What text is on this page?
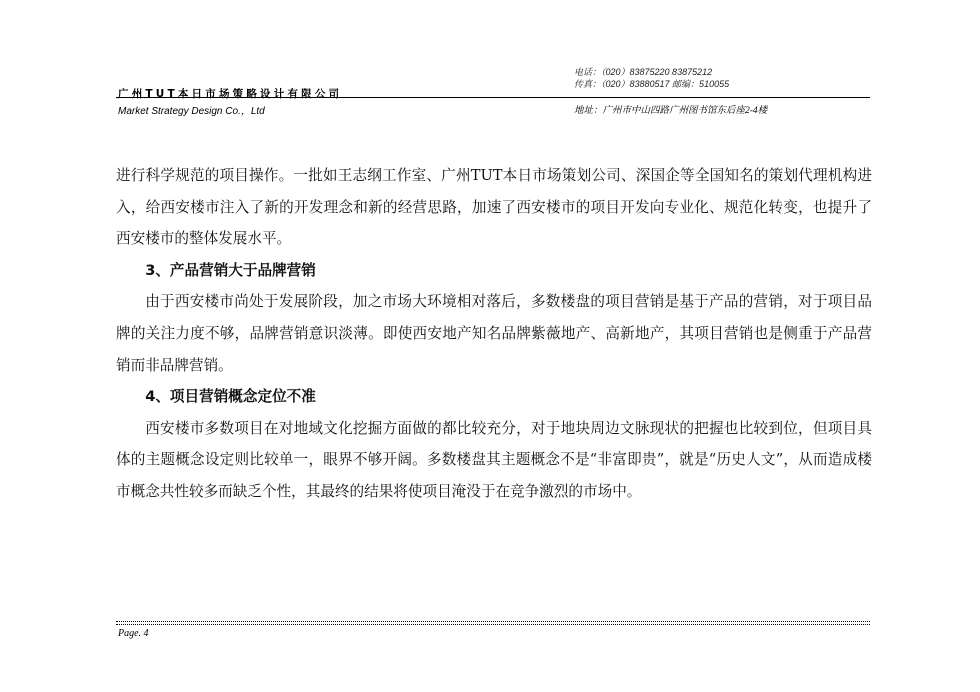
电话：（020）83875220 83875212
传真：（020）83880517 邮编：510055
广州TUT本日市场策略设计有限公司
Market Strategy Design Co.，Ltd	地址：广州市中山四路广州图书馆东后座2-4楼

进行科学规范的项目操作。一批如王志纲工作室、广州TUT本日市场策划公司、深国企等全国知名的策划代理机构进入，给西安楼市注入了新的开发理念和新的经营思路，加速了西安楼市的项目开发向专业化、规范化转变，也提升了西安楼市的整体发展水平。

3、产品营销大于品牌营销

由于西安楼市尚处于发展阶段，加之市场大环境相对落后，多数楼盘的项目营销是基于产品的营销，对于项目品牌的关注力度不够，品牌营销意识淡薄。即使西安地产知名品牌紫薇地产、高新地产，其项目营销也是侧重于产品营销而非品牌营销。

4、项目营销概念定位不准

西安楼市多数项目在对地域文化挖掘方面做的都比较充分，对于地块周边文脉现状的把握也比较到位，但项目具体的主题概念设定则比较单一，眼界不够开阔。多数楼盘其主题概念不是“非富即贵”，就是“历史人文”，从而造成楼市概念共性较多而缺乏个性，其最终的结果将使项目淹没于在竞争激烈的市场中。

Page. 4
